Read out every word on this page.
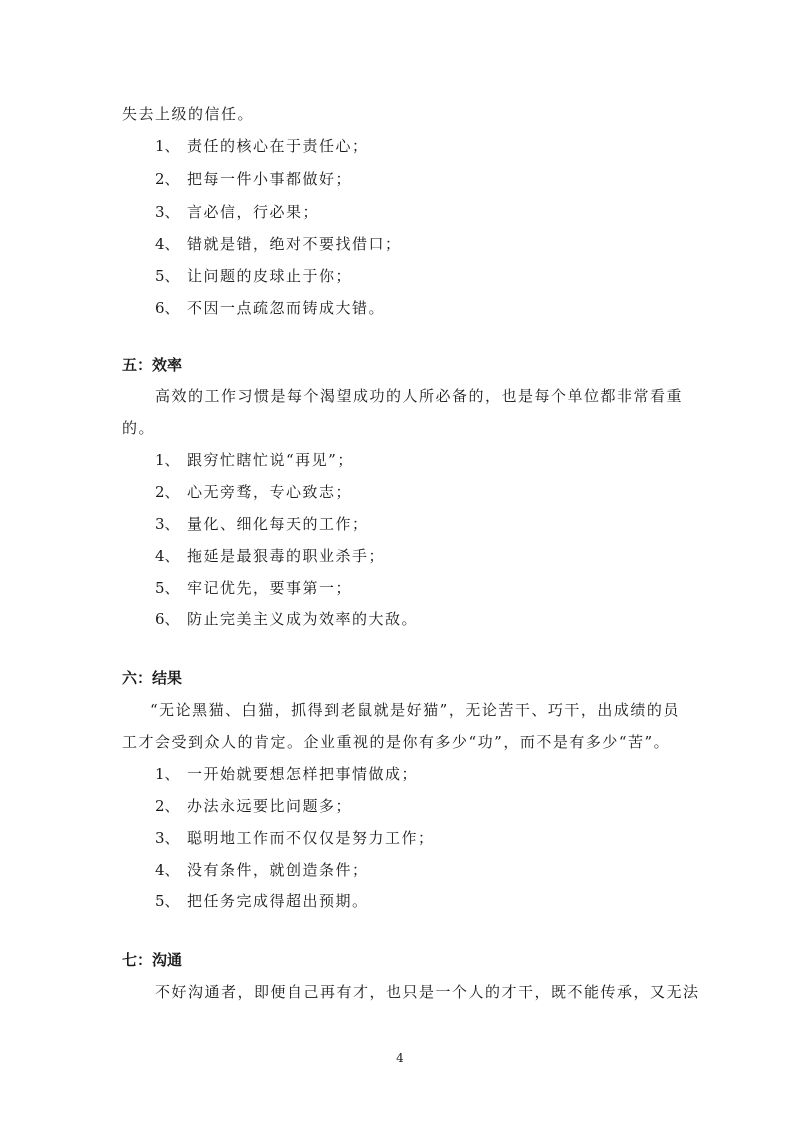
失去上级的信任。
1、 责任的核心在于责任心；
2、 把每一件小事都做好；
3、 言必信，行必果；
4、 错就是错，绝对不要找借口；
5、 让问题的皮球止于你；
6、 不因一点疏忽而铸成大错。
五：效率
高效的工作习惯是每个渴望成功的人所必备的，也是每个单位都非常看重
的。
1、 跟穷忙瞎忙说“再见”；
2、 心无旁骛，专心致志；
3、 量化、细化每天的工作；
4、 拖延是最狠毒的职业杀手；
5、 牢记优先，要事第一；
6、 防止完美主义成为效率的大敌。
六：结果
“无论黑猫、白猫，抓得到老鼠就是好猫”，无论苦干、巧干，出成绩的员
工才会受到众人的肯定。企业重视的是你有多少“功”，而不是有多少“苦”。
1、 一开始就要想怎样把事情做成；
2、 办法永远要比问题多；
3、 聪明地工作而不仅仅是努力工作；
4、 没有条件，就创造条件；
5、 把任务完成得超出预期。
七：沟通
不好沟通者，即便自己再有才，也只是一个人的才干，既不能传承，又无法
4
